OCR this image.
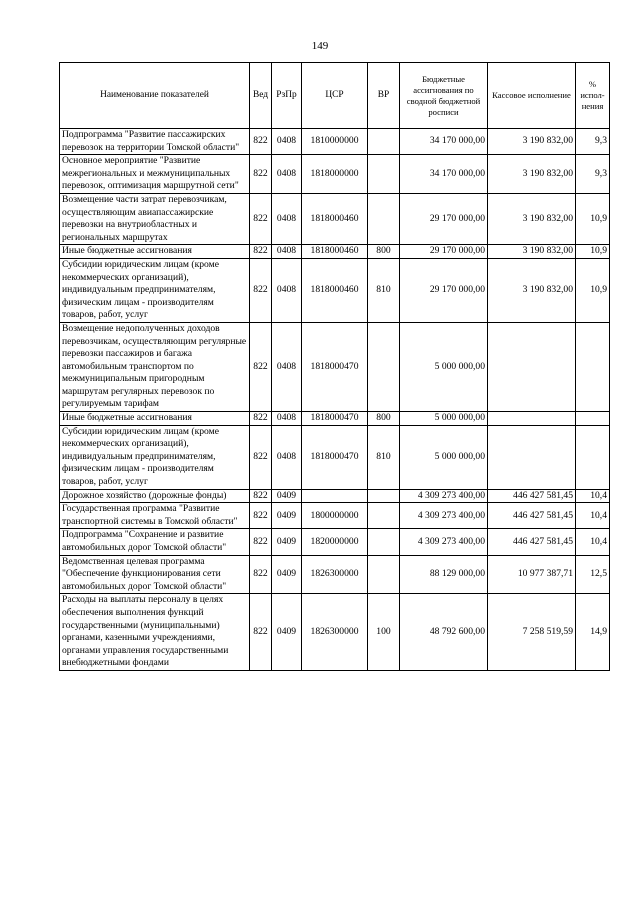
149
Наименование показателей	Вед	РзПр	ЦСР	ВР	Бюджетные ассигнования по сводной бюджетной росписи	Кассовое исполнение	% испол-нения
Подпрограмма "Развитие пассажирских перевозок на территории Томской области"	822	0408	1810000000		34 170 000,00	3 190 832,00	9,3
Основное мероприятие "Развитие межрегиональных и межмуниципальных перевозок, оптимизация маршрутной сети"	822	0408	1818000000		34 170 000,00	3 190 832,00	9,3
Возмещение части затрат перевозчикам, осуществляющим авиапассажирские перевозки на внутриобластных и региональных маршрутах	822	0408	1818000460		29 170 000,00	3 190 832,00	10,9
Иные бюджетные ассигнования	822	0408	1818000460	800	29 170 000,00	3 190 832,00	10,9
Субсидии юридическим лицам (кроме некоммерческих организаций), индивидуальным предпринимателям, физическим лицам - производителям товаров, работ, услуг	822	0408	1818000460	810	29 170 000,00	3 190 832,00	10,9
Возмещение недополученных доходов перевозчикам, осуществляющим регулярные перевозки пассажиров и багажа автомобильным транспортом по межмуниципальным пригородным маршрутам регулярных перевозок по регулируемым тарифам	822	0408	1818000470		5 000 000,00		
Иные бюджетные ассигнования	822	0408	1818000470	800	5 000 000,00		
Субсидии юридическим лицам (кроме некоммерческих организаций), индивидуальным предпринимателям, физическим лицам - производителям товаров, работ, услуг	822	0408	1818000470	810	5 000 000,00		
Дорожное хозяйство (дорожные фонды)	822	0409			4 309 273 400,00	446 427 581,45	10,4
Государственная программа "Развитие транспортной системы в Томской области"	822	0409	1800000000		4 309 273 400,00	446 427 581,45	10,4
Подпрограмма "Сохранение и развитие автомобильных дорог Томской области"	822	0409	1820000000		4 309 273 400,00	446 427 581,45	10,4
Ведомственная целевая программа "Обеспечение функционирования сети автомобильных дорог Томской области"	822	0409	1826300000		88 129 000,00	10 977 387,71	12,5
Расходы на выплаты персоналу в целях обеспечения выполнения функций государственными (муниципальными) органами, казенными учреждениями, органами управления государственными внебюджетными фондами	822	0409	1826300000	100	48 792 600,00	7 258 519,59	14,9
